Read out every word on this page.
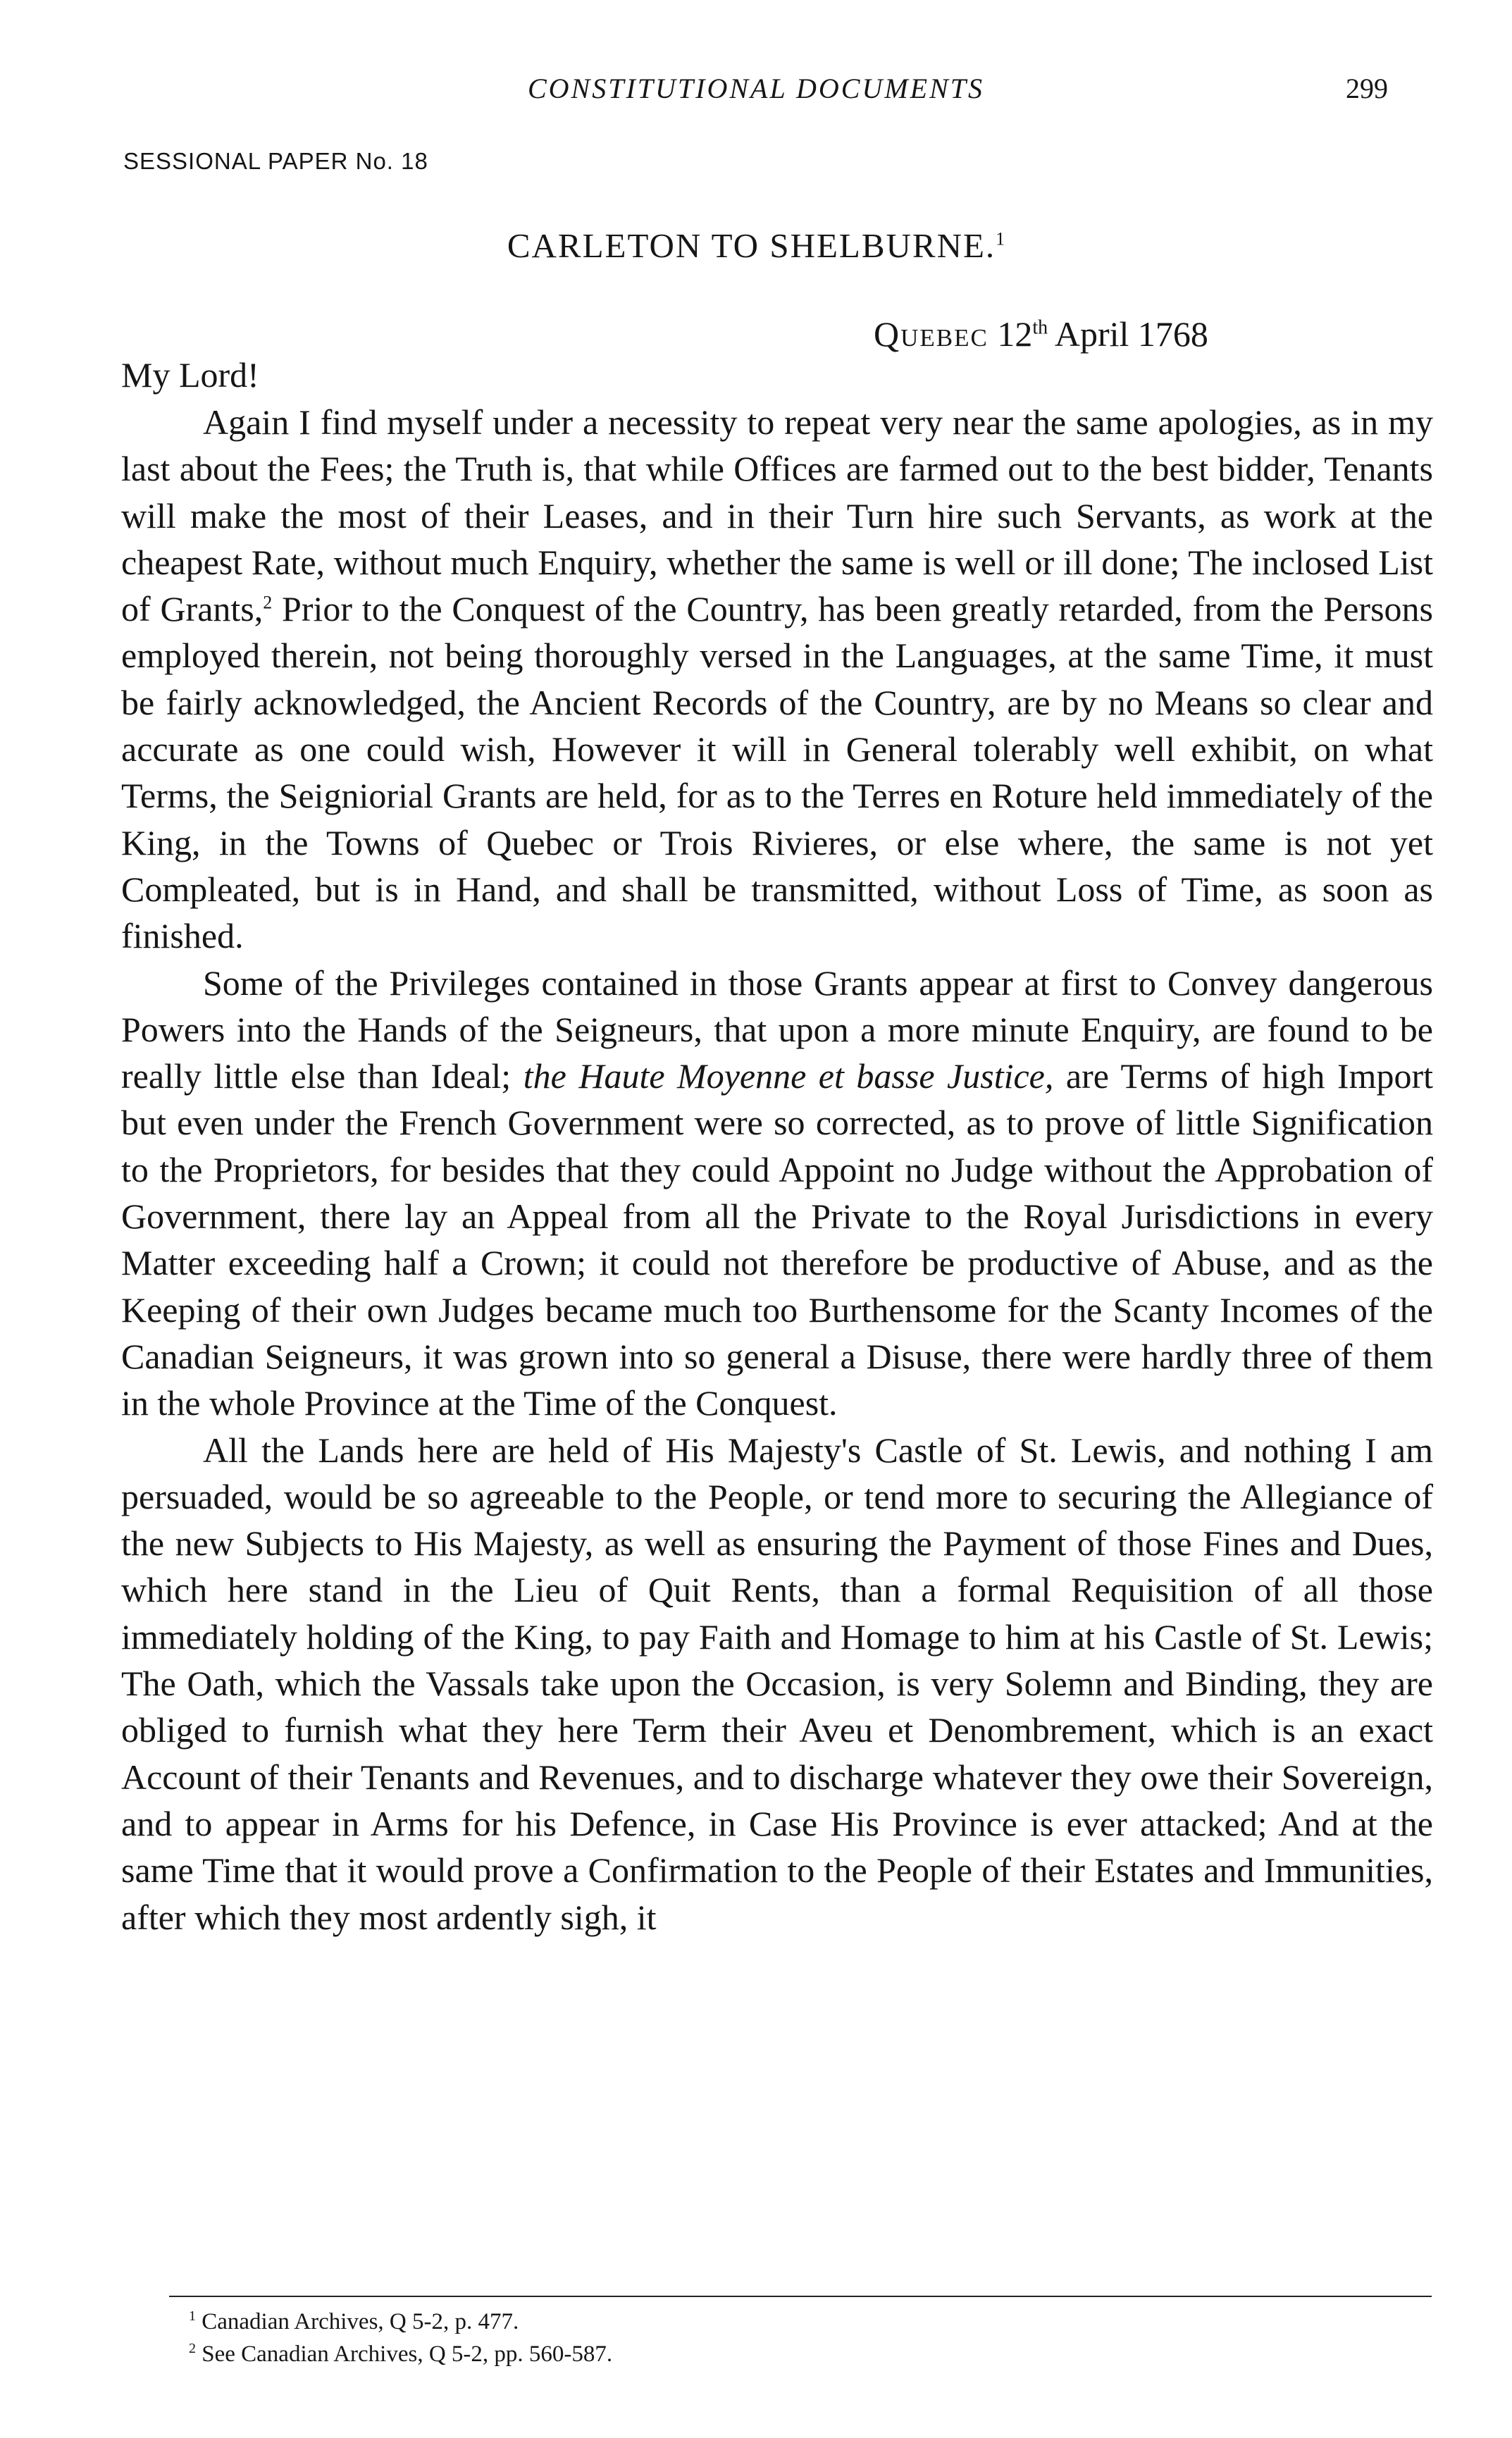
CONSTITUTIONAL DOCUMENTS	299
SESSIONAL PAPER No. 18
CARLETON TO SHELBURNE.$^1$
Quebec 12th April 1768
My Lord!

Again I find myself under a necessity to repeat very near the same apologies, as in my last about the Fees; the Truth is, that while Offices are farmed out to the best bidder, Tenants will make the most of their Leases, and in their Turn hire such Servants, as work at the cheapest Rate, without much Enquiry, whether the same is well or ill done; The inclosed List of Grants,$^2$ Prior to the Conquest of the Country, has been greatly retarded, from the Persons employed therein, not being thoroughly versed in the Languages, at the same Time, it must be fairly acknowledged, the Ancient Records of the Country, are by no Means so clear and accurate as one could wish, However it will in General tolerably well exhibit, on what Terms, the Seigniorial Grants are held, for as to the Terres en Roture held immediately of the King, in the Towns of Quebec or Trois Rivieres, or else where, the same is not yet Compleated, but is in Hand, and shall be transmitted, without Loss of Time, as soon as finished.

Some of the Privileges contained in those Grants appear at first to Convey dangerous Powers into the Hands of the Seigneurs, that upon a more minute Enquiry, are found to be really little else than Ideal; the Haute Moyenne et basse Justice, are Terms of high Import but even under the French Government were so corrected, as to prove of little Signification to the Proprietors, for besides that they could Appoint no Judge without the Approbation of Government, there lay an Appeal from all the Private to the Royal Jurisdictions in every Matter exceeding half a Crown; it could not therefore be productive of Abuse, and as the Keeping of their own Judges became much too Burthensome for the Scanty Incomes of the Canadian Seigneurs, it was grown into so general a Disuse, there were hardly three of them in the whole Province at the Time of the Conquest.

All the Lands here are held of His Majesty's Castle of St. Lewis, and nothing I am persuaded, would be so agreeable to the People, or tend more to securing the Allegiance of the new Subjects to His Majesty, as well as ensuring the Payment of those Fines and Dues, which here stand in the Lieu of Quit Rents, than a formal Requisition of all those immediately holding of the King, to pay Faith and Homage to him at his Castle of St. Lewis; The Oath, which the Vassals take upon the Occasion, is very Solemn and Binding, they are obliged to furnish what they here Term their Aveu et Denombrement, which is an exact Account of their Tenants and Revenues, and to discharge whatever they owe their Sovereign, and to appear in Arms for his Defence, in Case His Province is ever attacked; And at the same Time that it would prove a Confirmation to the People of their Estates and Immunities, after which they most ardently sigh, it

$^1$ Canadian Archives, Q 5-2, p. 477.
$^2$ See Canadian Archives, Q 5-2, pp. 560-587.
